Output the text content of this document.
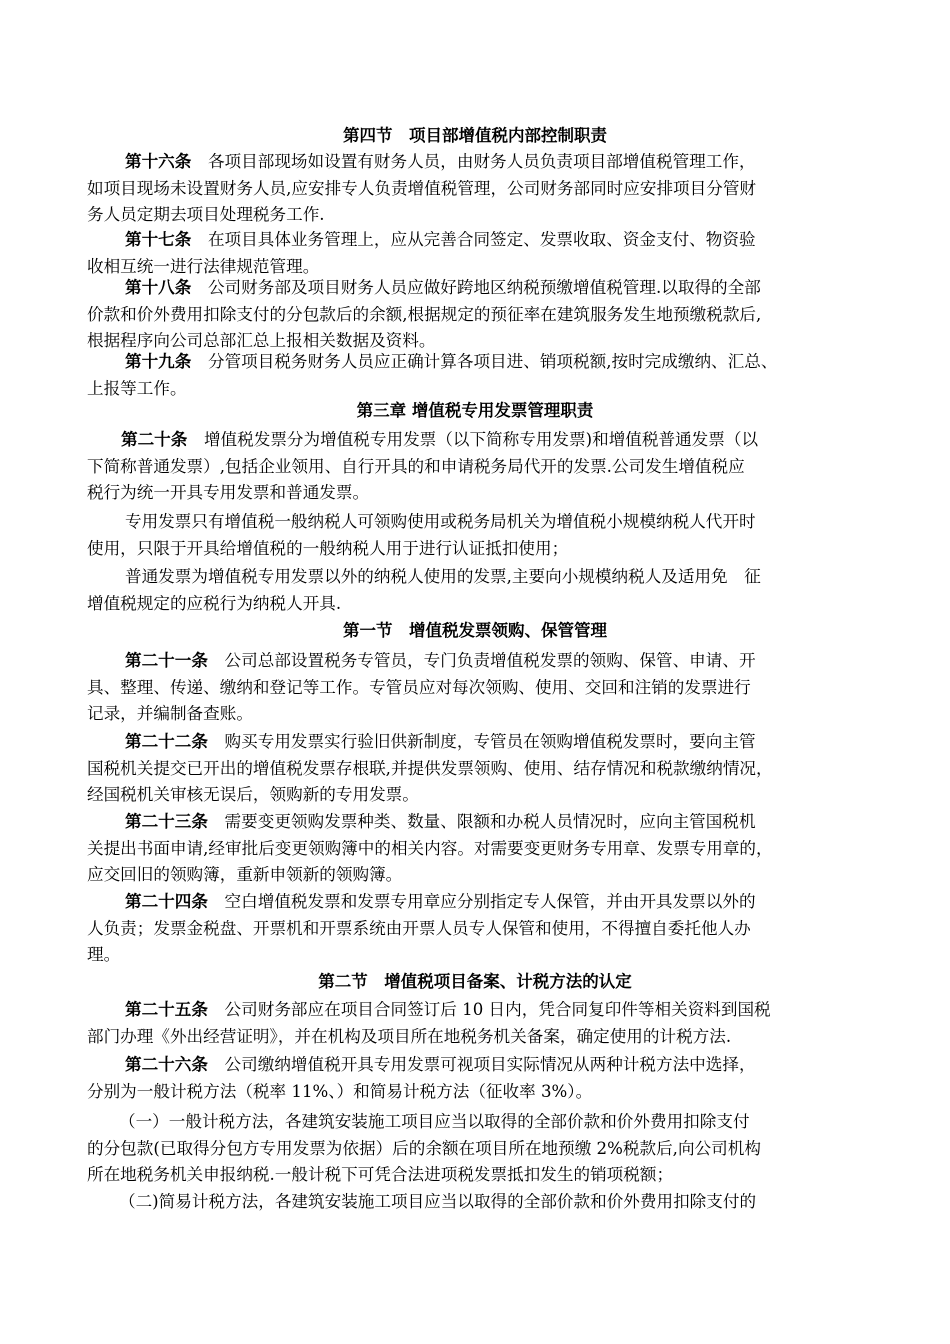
第四节　项目部增值税内部控制职责
第十六条　各项目部现场如设置有财务人员，由财务人员负责项目部增值税管理工作，
如项目现场未设置财务人员,应安排专人负责增值税管理，公司财务部同时应安排项目分管财
务人员定期去项目处理税务工作.
第十七条　在项目具体业务管理上，应从完善合同签定、发票收取、资金支付、物资验
收相互统一进行法律规范管理。
第十八条　公司财务部及项目财务人员应做好跨地区纳税预缴增值税管理.以取得的全部
价款和价外费用扣除支付的分包款后的余额,根据规定的预征率在建筑服务发生地预缴税款后,
根据程序向公司总部汇总上报相关数据及资料。
第十九条　分管项目税务财务人员应正确计算各项目进、销项税额,按时完成缴纳、汇总、
上报等工作。
第三章 增值税专用发票管理职责
第二十条　增值税发票分为增值税专用发票（以下简称专用发票)和增值税普通发票（以
下简称普通发票）,包括企业领用、自行开具的和申请税务局代开的发票.公司发生增值税应
税行为统一开具专用发票和普通发票。
专用发票只有增值税一般纳税人可领购使用或税务局机关为增值税小规模纳税人代开时
使用，只限于开具给增值税的一般纳税人用于进行认证抵扣使用；
普通发票为增值税专用发票以外的纳税人使用的发票,主要向小规模纳税人及适用免　征
增值税规定的应税行为纳税人开具.
第一节　增值税发票领购、保管管理
第二十一条　公司总部设置税务专管员，专门负责增值税发票的领购、保管、申请、开
具、整理、传递、缴纳和登记等工作。专管员应对每次领购、使用、交回和注销的发票进行
记录，并编制备查账。
第二十二条　购买专用发票实行验旧供新制度，专管员在领购增值税发票时，要向主管
国税机关提交已开出的增值税发票存根联,并提供发票领购、使用、结存情况和税款缴纳情况，
经国税机关审核无误后，领购新的专用发票。
第二十三条　需要变更领购发票种类、数量、限额和办税人员情况时，应向主管国税机
关提出书面申请,经审批后变更领购簿中的相关内容。对需要变更财务专用章、发票专用章的，
应交回旧的领购簿，重新申领新的领购簿。
第二十四条　空白增值税发票和发票专用章应分别指定专人保管，并由开具发票以外的
人负责；发票金税盘、开票机和开票系统由开票人员专人保管和使用，不得擅自委托他人办
理。
第二节　增值税项目备案、计税方法的认定
第二十五条　公司财务部应在项目合同签订后 10 日内，凭合同复印件等相关资料到国税
部门办理《外出经营证明》，并在机构及项目所在地税务机关备案，确定使用的计税方法.
第二十六条　公司缴纳增值税开具专用发票可视项目实际情况从两种计税方法中选择，
分别为一般计税方法（税率 11%、）和简易计税方法（征收率 3%）。
（一）一般计税方法，各建筑安装施工项目应当以取得的全部价款和价外费用扣除支付
的分包款(已取得分包方专用发票为依据）后的余额在项目所在地预缴 2%税款后,向公司机构
所在地税务机关申报纳税.一般计税下可凭合法进项税发票抵扣发生的销项税额；
（二)简易计税方法，各建筑安装施工项目应当以取得的全部价款和价外费用扣除支付的
